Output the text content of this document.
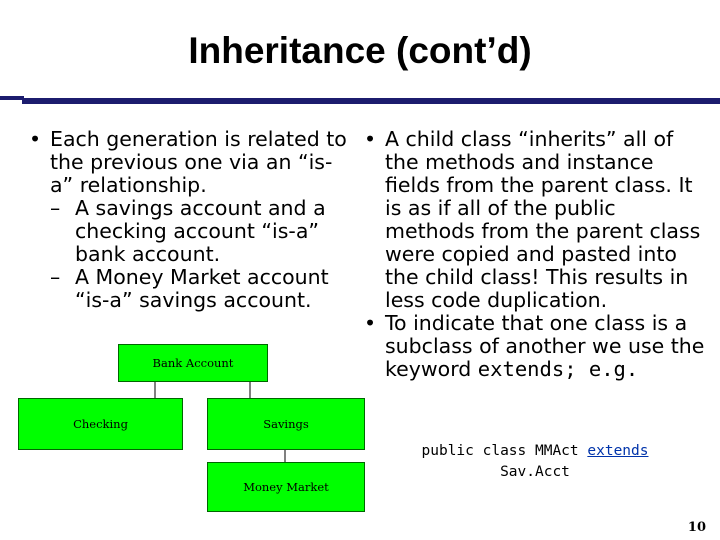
Inheritance (cont’d)
• Each generation is related to the previous one via an “is-a” relationship.
– A savings account and a checking account “is-a” bank account.
– A Money Market account “is-a” savings account.
• A child class “inherits” all of the methods and instance fields from the parent class. It is as if all of the public methods from the parent class were copied and pasted into the child class! This results in less code duplication.
• To indicate that one class is a subclass of another we use the keyword extends; e.g.
Bank Account
Checking	Savings
Money Market
public class MMAct extends
Sav.Acct
10
